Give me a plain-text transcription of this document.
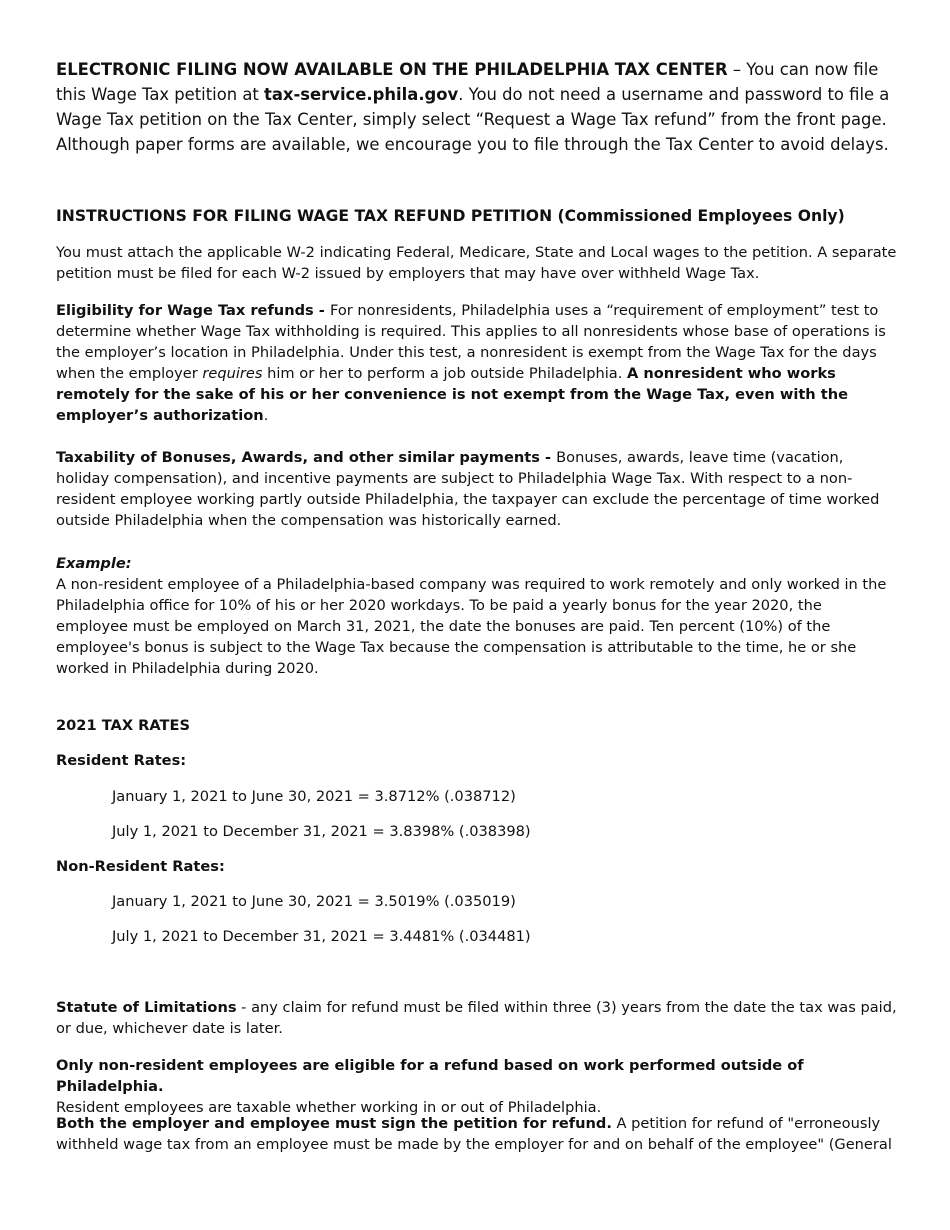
ELECTRONIC FILING NOW AVAILABLE ON THE PHILADELPHIA TAX CENTER – You can now file this Wage Tax petition at tax-service.phila.gov. You do not need a username and password to file a Wage Tax petition on the Tax Center, simply select “Request a Wage Tax refund” from the front page. Although paper forms are available, we encourage you to file through the Tax Center to avoid delays.

INSTRUCTIONS FOR FILING WAGE TAX REFUND PETITION (Commissioned Employees Only)

You must attach the applicable W-2 indicating Federal, Medicare, State and Local wages to the petition. A separate petition must be filed for each W-2 issued by employers that may have over withheld Wage Tax.

Eligibility for Wage Tax refunds - For nonresidents, Philadelphia uses a “requirement of employment” test to determine whether Wage Tax withholding is required. This applies to all nonresidents whose base of operations is the employer’s location in Philadelphia. Under this test, a nonresident is exempt from the Wage Tax for the days when the employer requires him or her to perform a job outside Philadelphia. A nonresident who works remotely for the sake of his or her convenience is not exempt from the Wage Tax, even with the employer’s authorization.

Taxability of Bonuses, Awards, and other similar payments - Bonuses, awards, leave time (vacation, holiday compensation), and incentive payments are subject to Philadelphia Wage Tax. With respect to a non-resident employee working partly outside Philadelphia, the taxpayer can exclude the percentage of time worked outside Philadelphia when the compensation was historically earned.

Example:

A non-resident employee of a Philadelphia-based company was required to work remotely and only worked in the Philadelphia office for 10% of his or her 2020 workdays. To be paid a yearly bonus for the year 2020, the employee must be employed on March 31, 2021, the date the bonuses are paid. Ten percent (10%) of the employee's bonus is subject to the Wage Tax because the compensation is attributable to the time, he or she worked in Philadelphia during 2020.

2021 TAX RATES

Resident Rates:

January 1, 2021 to June 30, 2021 = 3.8712% (.038712)

July 1, 2021 to December 31, 2021 = 3.8398% (.038398)

Non-Resident Rates:

January 1, 2021 to June 30, 2021 = 3.5019% (.035019)

July 1, 2021 to December 31, 2021 = 3.4481% (.034481)

Statute of Limitations - any claim for refund must be filed within three (3) years from the date the tax was paid, or due, whichever date is later.

Only non-resident employees are eligible for a refund based on work performed outside of Philadelphia.
Resident employees are taxable whether working in or out of Philadelphia.

Both the employer and employee must sign the petition for refund. A petition for refund of "erroneously withheld wage tax from an employee must be made by the employer for and on behalf of the employee" (General
